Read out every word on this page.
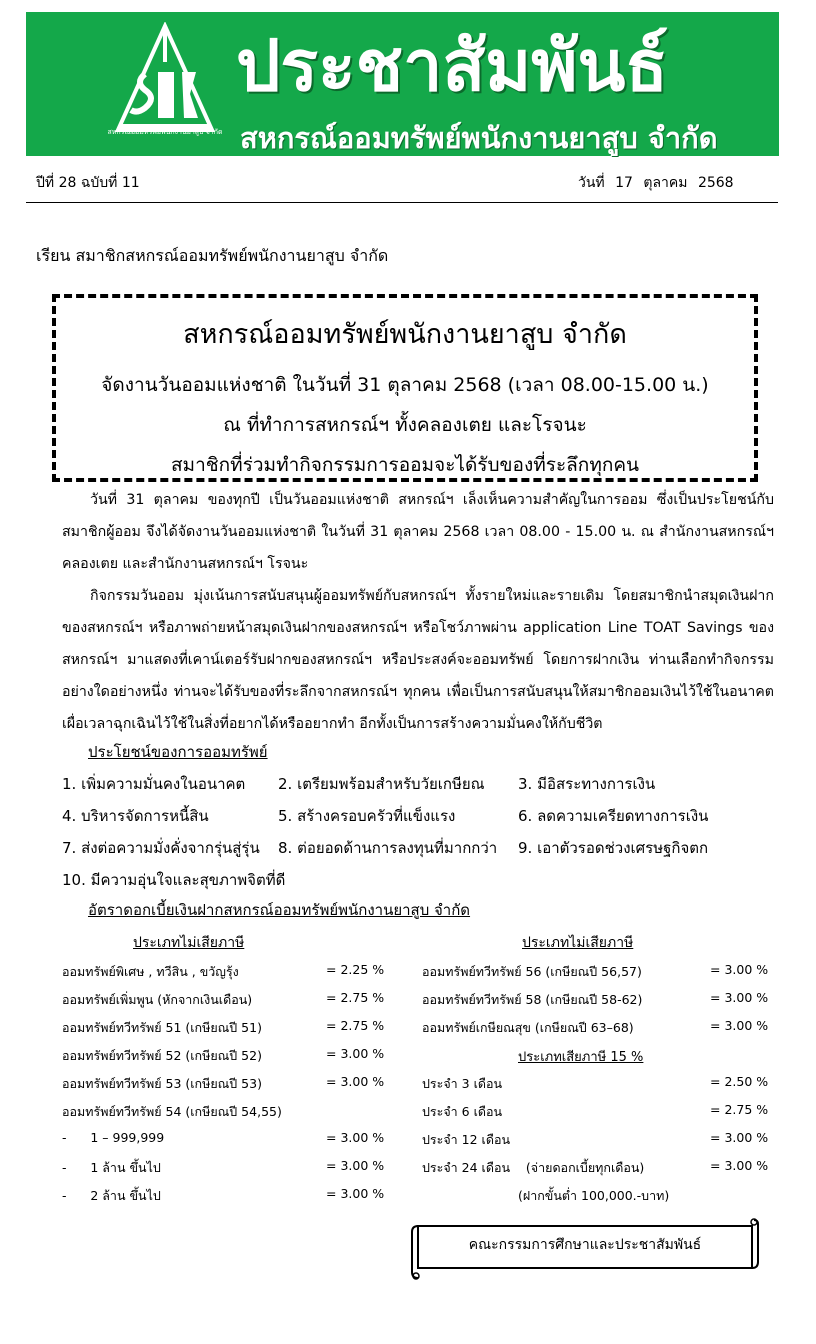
สหกรณ์ออมทรัพย์พนักงานยาสูบ จำกัด
ประชาสัมพันธ์
สหกรณ์ออมทรัพย์พนักงานยาสูบ จำกัด
ปีที่ 28 ฉบับที่ 11	วันที่ 17 ตุลาคม 2568
เรียน สมาชิกสหกรณ์ออมทรัพย์พนักงานยาสูบ จำกัด
สหกรณ์ออมทรัพย์พนักงานยาสูบ จำกัด
จัดงานวันออมแห่งชาติ ในวันที่ 31 ตุลาคม 2568 (เวลา 08.00-15.00 น.)
ณ ที่ทำการสหกรณ์ฯ ทั้งคลองเตย และโรจนะ
สมาชิกที่ร่วมทำกิจกรรมการออมจะได้รับของที่ระลึกทุกคน
วันที่ 31 ตุลาคม ของทุกปี เป็นวันออมแห่งชาติ สหกรณ์ฯ เล็งเห็นความสำคัญในการออม ซึ่งเป็นประโยชน์กับสมาชิกผู้ออม จึงได้จัดงานวันออมแห่งชาติ ในวันที่ 31 ตุลาคม 2568 เวลา 08.00 - 15.00 น. ณ สำนักงานสหกรณ์ฯ คลองเตย และสำนักงานสหกรณ์ฯ โรจนะ
กิจกรรมวันออม มุ่งเน้นการสนับสนุนผู้ออมทรัพย์กับสหกรณ์ฯ ทั้งรายใหม่และรายเดิม โดยสมาชิกนำสมุดเงินฝากของสหกรณ์ฯ หรือภาพถ่ายหน้าสมุดเงินฝากของสหกรณ์ฯ หรือโชว์ภาพผ่าน application Line TOAT Savings ของสหกรณ์ฯ มาแสดงที่เคาน์เตอร์รับฝากของสหกรณ์ฯ หรือประสงค์จะออมทรัพย์ โดยการฝากเงิน ท่านเลือกทำกิจกรรมอย่างใดอย่างหนึ่ง ท่านจะได้รับของที่ระลึกจากสหกรณ์ฯ ทุกคน เพื่อเป็นการสนับสนุนให้สมาชิกออมเงินไว้ใช้ในอนาคต เผื่อเวลาฉุกเฉินไว้ใช้ในสิ่งที่อยากได้หรืออยากทำ อีกทั้งเป็นการสร้างความมั่นคงให้กับชีวิต
ประโยชน์ของการออมทรัพย์
1. เพิ่มความมั่นคงในอนาคต 2. เตรียมพร้อมสำหรับวัยเกษียณ 3. มีอิสระทางการเงิน
4. บริหารจัดการหนี้สิน	5. สร้างครอบครัวที่แข็งแรง	6. ลดความเครียดทางการเงิน
7. ส่งต่อความมั่งคั่งจากรุ่นสู่รุ่น 8. ต่อยอดด้านการลงทุนที่มากกว่า 9. เอาตัวรอดช่วงเศรษฐกิจตก
10. มีความอุ่นใจและสุขภาพจิตที่ดี
อัตราดอกเบี้ยเงินฝากสหกรณ์ออมทรัพย์พนักงานยาสูบ จำกัด
ประเภทไม่เสียภาษี	ประเภทไม่เสียภาษี
ออมทรัพย์พิเศษ , ทวีสิน , ขวัญรุ้ง	= 2.25 %
ออมทรัพย์เพิ่มพูน (หักจากเงินเดือน)	= 2.75 %
ออมทรัพย์ทวีทรัพย์ 51 (เกษียณปี 51)	= 2.75 %
ออมทรัพย์ทวีทรัพย์ 52 (เกษียณปี 52)	= 3.00 %
ออมทรัพย์ทวีทรัพย์ 53 (เกษียณปี 53)	= 3.00 %
ออมทรัพย์ทวีทรัพย์ 54 (เกษียณปี 54,55)
-      1 – 999,999	= 3.00 %
-      1 ล้าน ขึ้นไป	= 3.00 %
-      2 ล้าน ขึ้นไป	= 3.00 %
ออมทรัพย์ทวีทรัพย์ 56 (เกษียณปี 56,57)	= 3.00 %
ออมทรัพย์ทวีทรัพย์ 58 (เกษียณปี 58-62)	= 3.00 %
ออมทรัพย์เกษียณสุข (เกษียณปี 63–68)	= 3.00 %
ประเภทเสียภาษี 15 %
ประจำ 3 เดือน	= 2.50 %
ประจำ 6 เดือน	= 2.75 %
ประจำ 12 เดือน	= 3.00 %
ประจำ 24 เดือน    (จ่ายดอกเบี้ยทุกเดือน)	= 3.00 %
(ฝากขั้นต่ำ 100,000.-บาท)
คณะกรรมการศึกษาและประชาสัมพันธ์
